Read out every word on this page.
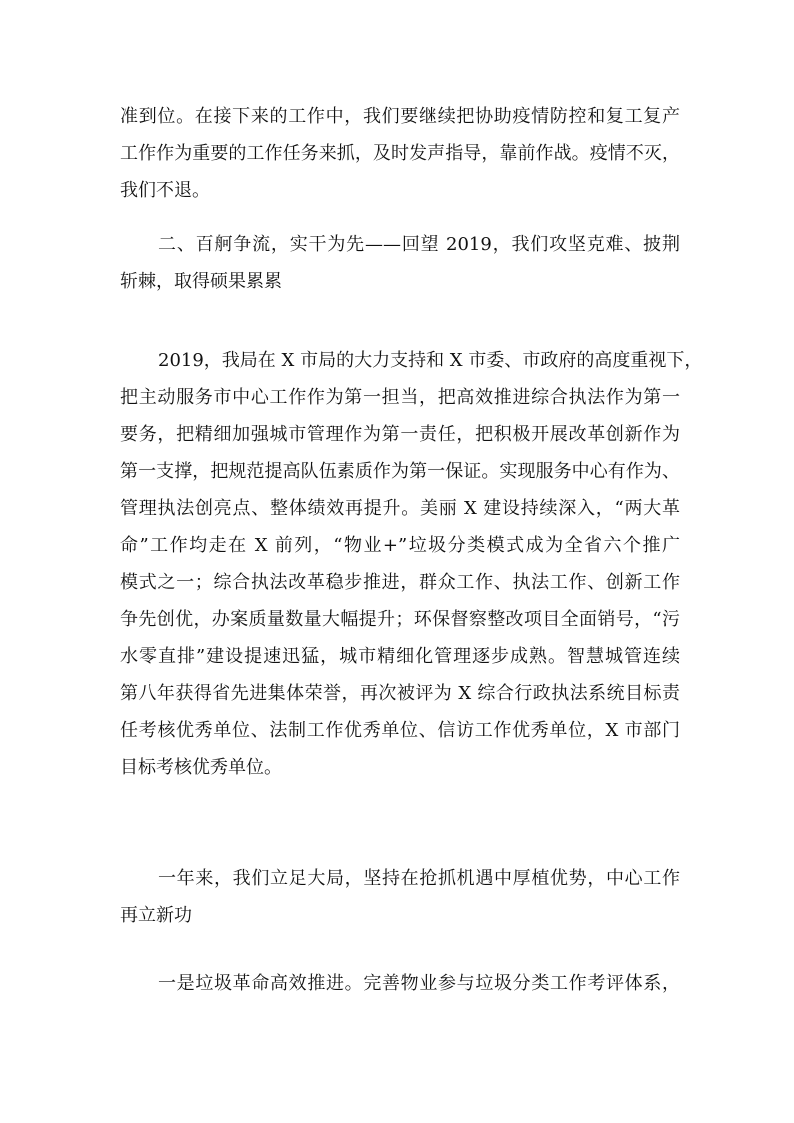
准到位。在接下来的工作中，我们要继续把协助疫情防控和复工复产
工作作为重要的工作任务来抓，及时发声指导，靠前作战。疫情不灭，
我们不退。
二、百舸争流，实干为先——回望 2019，我们攻坚克难、披荆
斩棘，取得硕果累累
2019，我局在 X 市局的大力支持和 X 市委、市政府的高度重视下，
把主动服务市中心工作作为第一担当，把高效推进综合执法作为第一
要务，把精细加强城市管理作为第一责任，把积极开展改革创新作为
第一支撑，把规范提高队伍素质作为第一保证。实现服务中心有作为、
管理执法创亮点、整体绩效再提升。美丽 X 建设持续深入，“两大革
命”工作均走在 X 前列，“物业+”垃圾分类模式成为全省六个推广
模式之一；综合执法改革稳步推进，群众工作、执法工作、创新工作
争先创优，办案质量数量大幅提升；环保督察整改项目全面销号，“污
水零直排”建设提速迅猛，城市精细化管理逐步成熟。智慧城管连续
第八年获得省先进集体荣誉，再次被评为 X 综合行政执法系统目标责
任考核优秀单位、法制工作优秀单位、信访工作优秀单位，X 市部门
目标考核优秀单位。
一年来，我们立足大局，坚持在抢抓机遇中厚植优势，中心工作
再立新功
一是垃圾革命高效推进。完善物业参与垃圾分类工作考评体系，
